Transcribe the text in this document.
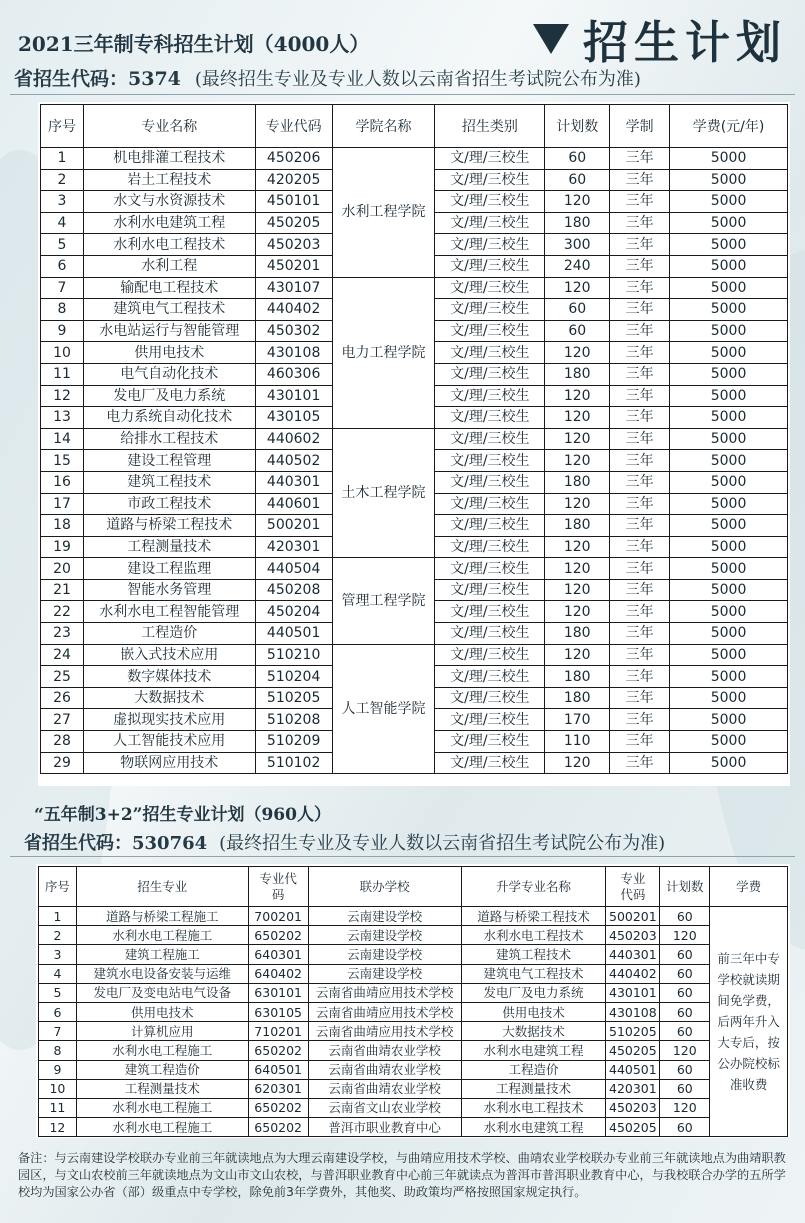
2021三年制专科招生计划（4000人）	招生计划
省招生代码：5374 (最终招生专业及专业人数以云南省招生考试院公布为准)
序号	专业名称	专业代码	学院名称	招生类别	计划数	学制	学费(元/年)
1	机电排灌工程技术	450206	水利工程学院	文/理/三校生	60	三年	5000
2	岩土工程技术	420205		文/理/三校生	60	三年	5000
3	水文与水资源技术	450101		文/理/三校生	120	三年	5000
4	水利水电建筑工程	450205		文/理/三校生	180	三年	5000
5	水利水电工程技术	450203		文/理/三校生	300	三年	5000
6	水利工程	450201		文/理/三校生	240	三年	5000
7	输配电工程技术	430107	电力工程学院	文/理/三校生	120	三年	5000
8	建筑电气工程技术	440402		文/理/三校生	60	三年	5000
9	水电站运行与智能管理	450302		文/理/三校生	60	三年	5000
10	供用电技术	430108		文/理/三校生	120	三年	5000
11	电气自动化技术	460306		文/理/三校生	180	三年	5000
12	发电厂及电力系统	430101		文/理/三校生	120	三年	5000
13	电力系统自动化技术	430105		文/理/三校生	120	三年	5000
14	给排水工程技术	440602	土木工程学院	文/理/三校生	120	三年	5000
15	建设工程管理	440502		文/理/三校生	120	三年	5000
16	建筑工程技术	440301		文/理/三校生	180	三年	5000
17	市政工程技术	440601		文/理/三校生	120	三年	5000
18	道路与桥梁工程技术	500201		文/理/三校生	180	三年	5000
19	工程测量技术	420301		文/理/三校生	120	三年	5000
20	建设工程监理	440504	管理工程学院	文/理/三校生	120	三年	5000
21	智能水务管理	450208		文/理/三校生	120	三年	5000
22	水利水电工程智能管理	450204		文/理/三校生	120	三年	5000
23	工程造价	440501		文/理/三校生	180	三年	5000
24	嵌入式技术应用	510210	人工智能学院	文/理/三校生	120	三年	5000
25	数字媒体技术	510204		文/理/三校生	180	三年	5000
26	大数据技术	510205		文/理/三校生	180	三年	5000
27	虚拟现实技术应用	510208		文/理/三校生	170	三年	5000
28	人工智能技术应用	510209		文/理/三校生	110	三年	5000
29	物联网应用技术	510102		文/理/三校生	120	三年	5000
“五年制3+2”招生专业计划（960人）
省招生代码：530764 (最终招生专业及专业人数以云南省招生考试院公布为准)
序号	招生专业	专业代码	联办学校	升学专业名称	专业代码	计划数	学费
1	道路与桥梁工程施工	700201	云南建设学校	道路与桥梁工程技术	500201	60	前三年中专学校就读期间免学费，后两年升入大专后，按公办院校标准收费
2	水利水电工程施工	650202	云南建设学校	水利水电工程技术	450203	120	
3	建筑工程施工	640301	云南建设学校	建筑工程技术	440301	60	
4	建筑水电设备安装与运维	640402	云南建设学校	建筑电气工程技术	440402	60	
5	发电厂及变电站电气设备	630101	云南省曲靖应用技术学校	发电厂及电力系统	430101	60	
6	供用电技术	630105	云南省曲靖应用技术学校	供用电技术	430108	60	
7	计算机应用	710201	云南省曲靖应用技术学校	大数据技术	510205	60	
8	水利水电工程施工	650202	云南省曲靖农业学校	水利水电建筑工程	450205	120	
9	建筑工程造价	640501	云南省曲靖农业学校	工程造价	440501	60	
10	工程测量技术	620301	云南省曲靖农业学校	工程测量技术	420301	60	
11	水利水电工程施工	650202	云南省文山农业学校	水利水电工程技术	450203	120	
12	水利水电工程施工	650202	普洱市职业教育中心	水利水电建筑工程	450205	60	
备注：与云南建设学校联办专业前三年就读地点为大理云南建设学校，与曲靖应用技术学校、曲靖农业学校联办专业前三年就读地点为曲靖职教园区，与文山农校前三年就读地点为文山市文山农校，与普洱职业教育中心前三年就读点为普洱市普洱职业教育中心，与我校联合办学的五所学校均为国家公办省（部）级重点中专学校，除免前3年学费外，其他奖、助政策均严格按照国家规定执行。
